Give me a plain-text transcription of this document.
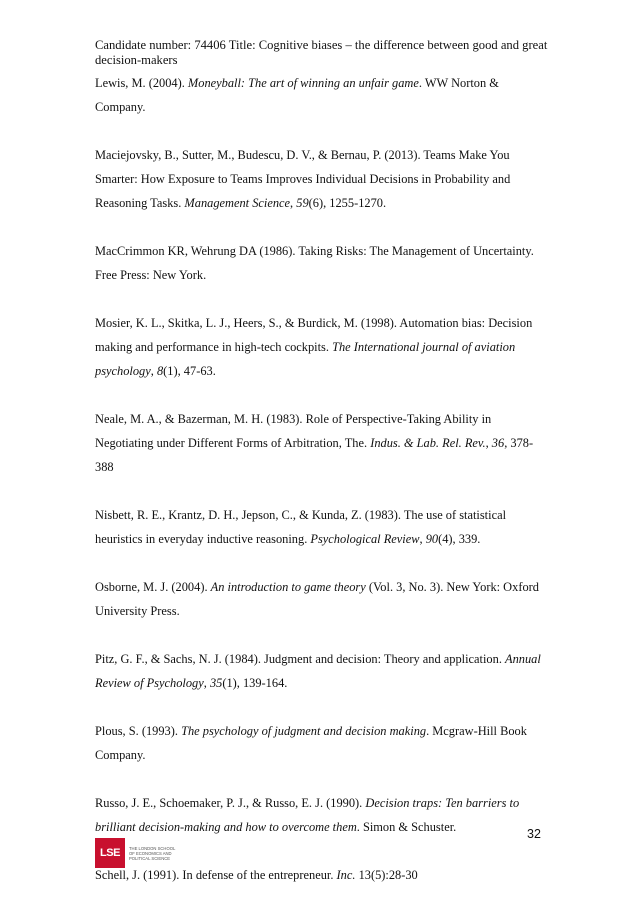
Candidate number: 74406 Title: Cognitive biases – the difference between good and great decision-makers

Lewis, M. (2004). Moneyball: The art of winning an unfair game. WW Norton & Company.

Maciejovsky, B., Sutter, M., Budescu, D. V., & Bernau, P. (2013). Teams Make You Smarter: How Exposure to Teams Improves Individual Decisions in Probability and Reasoning Tasks. Management Science, 59(6), 1255-1270.

MacCrimmon KR, Wehrung DA (1986). Taking Risks: The Management of Uncertainty. Free Press: New York.

Mosier, K. L., Skitka, L. J., Heers, S., & Burdick, M. (1998). Automation bias: Decision making and performance in high-tech cockpits. The International journal of aviation psychology, 8(1), 47-63.

Neale, M. A., & Bazerman, M. H. (1983). Role of Perspective-Taking Ability in Negotiating under Different Forms of Arbitration, The. Indus. & Lab. Rel. Rev., 36, 378-388

Nisbett, R. E., Krantz, D. H., Jepson, C., & Kunda, Z. (1983). The use of statistical heuristics in everyday inductive reasoning. Psychological Review, 90(4), 339.

Osborne, M. J. (2004). An introduction to game theory (Vol. 3, No. 3). New York: Oxford University Press.

Pitz, G. F., & Sachs, N. J. (1984). Judgment and decision: Theory and application. Annual Review of Psychology, 35(1), 139-164.

Plous, S. (1993). The psychology of judgment and decision making. Mcgraw-Hill Book Company.

Russo, J. E., Schoemaker, P. J., & Russo, E. J. (1990). Decision traps: Ten barriers to brilliant decision-making and how to overcome them. Simon & Schuster.

Schell, J. (1991). In defense of the entrepreneur. Inc. 13(5):28-30

32
LSE	THE LONDON SCHOOL
OF ECONOMICS AND
POLITICAL SCIENCE
